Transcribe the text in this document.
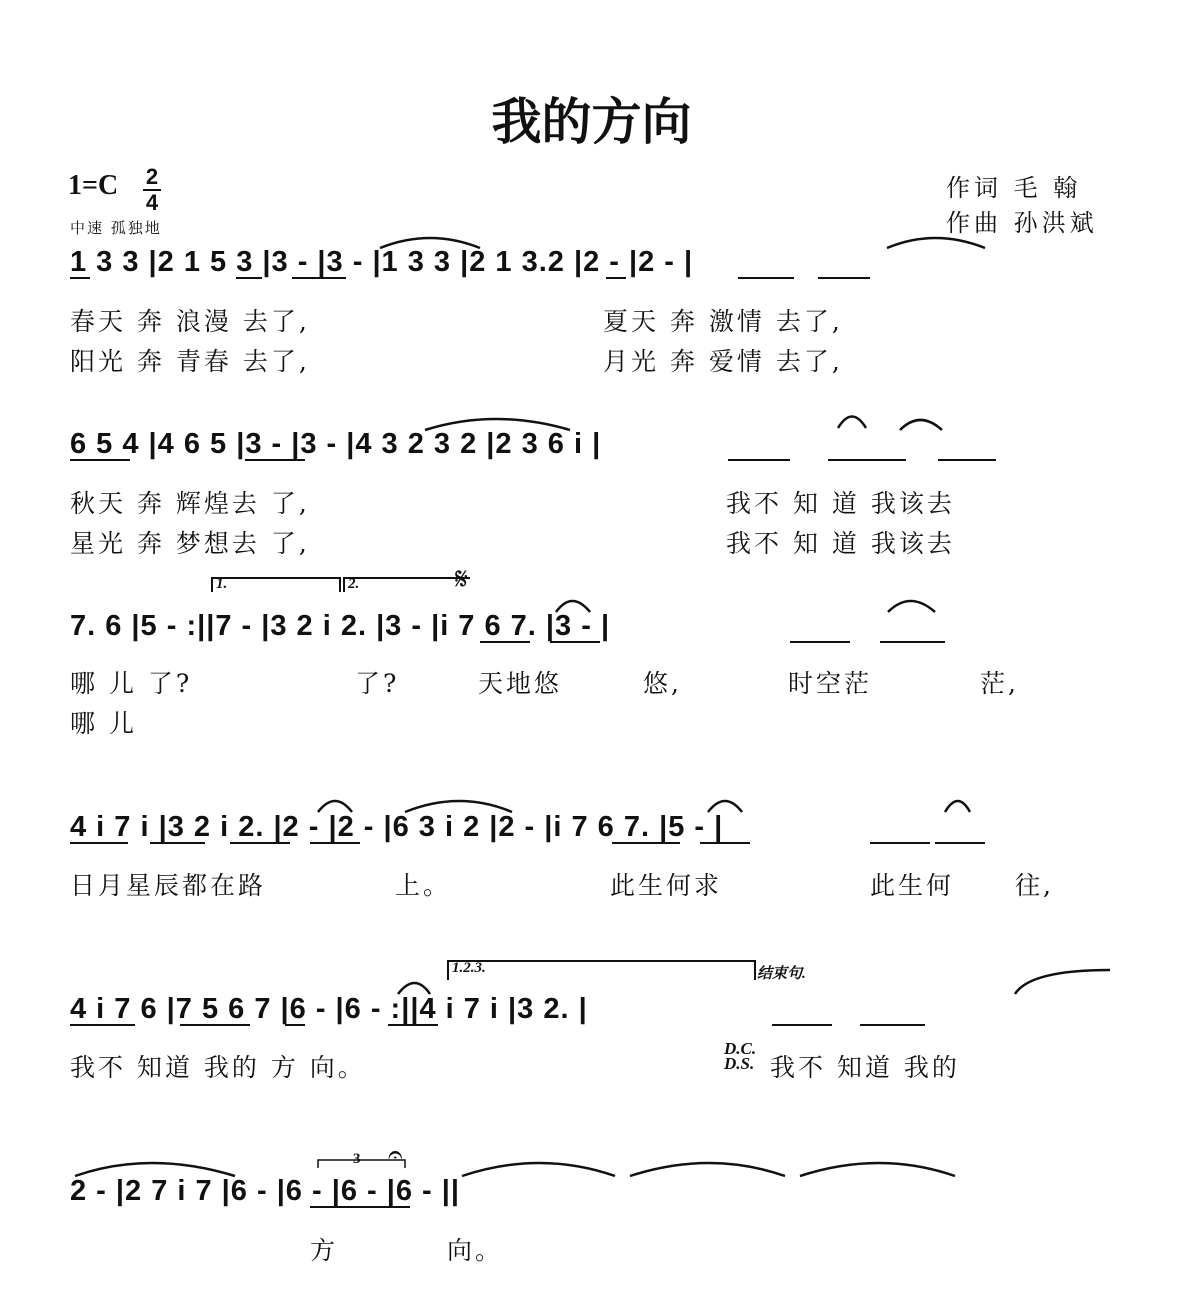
我的方向
作词 毛 翰
作曲 孙洪斌
1=C 2
4
中速 孤独地
1 3 3 |2 1 5 3 |3 - |3 - |1 3 3 |2 1 3.2 |2 - |2 - |
春天 奔 浪漫 去了,	夏天 奔 激情 去了,
阳光 奔 青春 去了,	月光 奔 爱情 去了,
6 5 4 |4 6 5 |3 - |3 - |4 3 2 3 2 |2 3 6 i |
秋天 奔 辉煌去 了,	我不 知 道 我该去
星光 奔 梦想去 了,	我不 知 道 我该去
1.	2.	𝄋
7. 6 |5 - :||7 - |3 2 i 2. |3 - |i 7 6 7. |3 - |
哪 儿 了?	了?	天地悠	悠,	时空茫	茫,
哪 儿
4 i 7 i |3 2 i 2. |2 - |2 - |6 3 i 2 |2 - |i 7 6 7. |5 - |
日月星辰都在路	上。	此生何求	此生何 往,
1.2.3.	结束句.
4 i 7 6 |7 5 6 7 |6 - |6 - :||4 i 7 i |3 2. |
我不 知道 我的 方 向。
D.C.
D.S. 我不 知道 我的
3 𝄐
2 - |2 7 i 7 |6 - |6 - |6 - |6 - ||
方	向。
